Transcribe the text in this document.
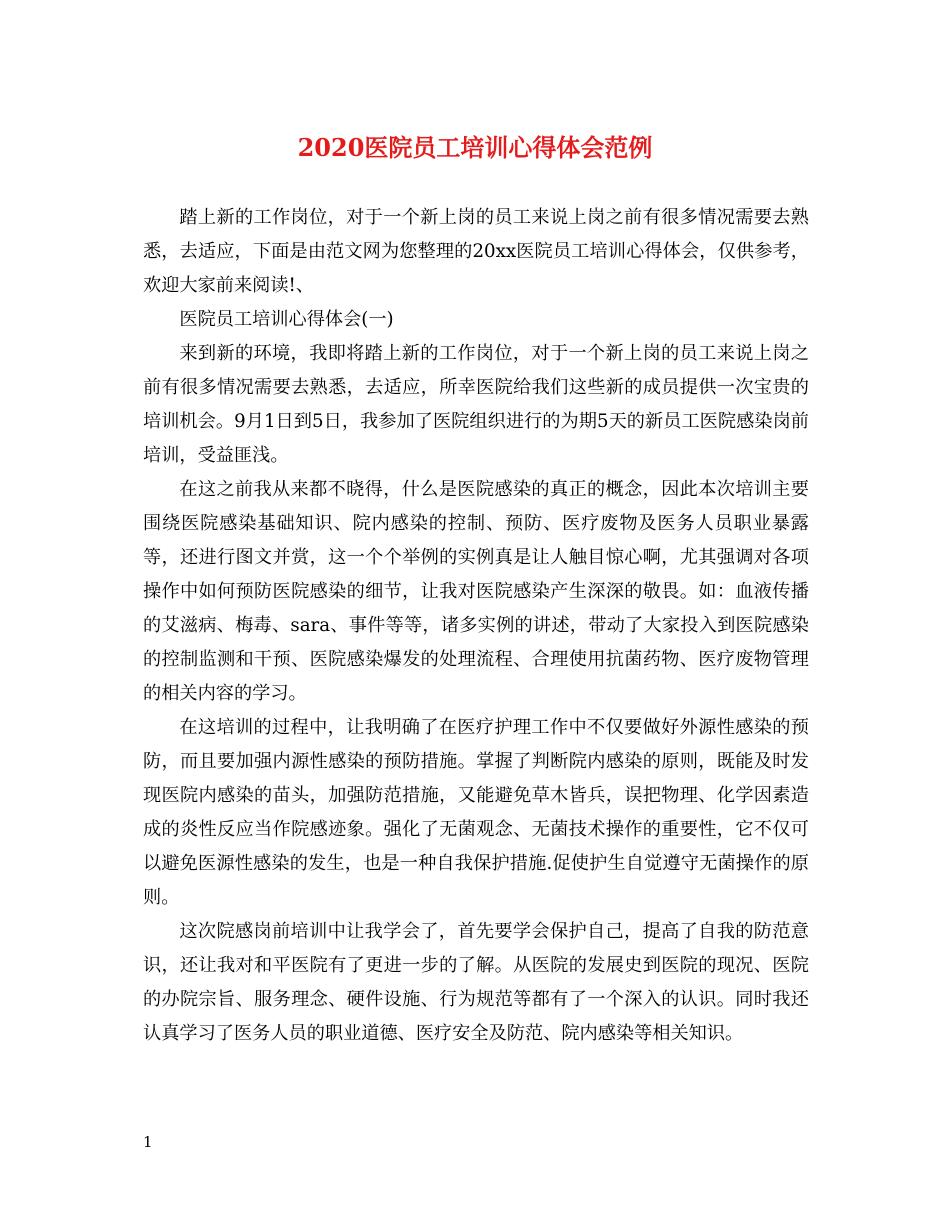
2020医院员工培训心得体会范例

踏上新的工作岗位，对于一个新上岗的员工来说上岗之前有很多情况需要去熟悉，去适应，下面是由范文网为您整理的20xx医院员工培训心得体会，仅供参考，欢迎大家前来阅读!、

医院员工培训心得体会(一)

来到新的环境，我即将踏上新的工作岗位，对于一个新上岗的员工来说上岗之前有很多情况需要去熟悉，去适应，所幸医院给我们这些新的成员提供一次宝贵的培训机会。9月1日到5日，我参加了医院组织进行的为期5天的新员工医院感染岗前培训，受益匪浅。

在这之前我从来都不晓得，什么是医院感染的真正的概念，因此本次培训主要围绕医院感染基础知识、院内感染的控制、预防、医疗废物及医务人员职业暴露等，还进行图文并赏，这一个个举例的实例真是让人触目惊心啊，尤其强调对各项操作中如何预防医院感染的细节，让我对医院感染产生深深的敬畏。如：血液传播的艾滋病、梅毒、sara、事件等等，诸多实例的讲述，带动了大家投入到医院感染的控制监测和干预、医院感染爆发的处理流程、合理使用抗菌药物、医疗废物管理的相关内容的学习。

在这培训的过程中，让我明确了在医疗护理工作中不仅要做好外源性感染的预防，而且要加强内源性感染的预防措施。掌握了判断院内感染的原则，既能及时发现医院内感染的苗头，加强防范措施，又能避免草木皆兵，误把物理、化学因素造成的炎性反应当作院感迹象。强化了无菌观念、无菌技术操作的重要性，它不仅可以避免医源性感染的发生，也是一种自我保护措施.促使护生自觉遵守无菌操作的原则。

这次院感岗前培训中让我学会了，首先要学会保护自己，提高了自我的防范意识，还让我对和平医院有了更进一步的了解。从医院的发展史到医院的现况、医院的办院宗旨、服务理念、硬件设施、行为规范等都有了一个深入的认识。同时我还认真学习了医务人员的职业道德、医疗安全及防范、院内感染等相关知识。

1
